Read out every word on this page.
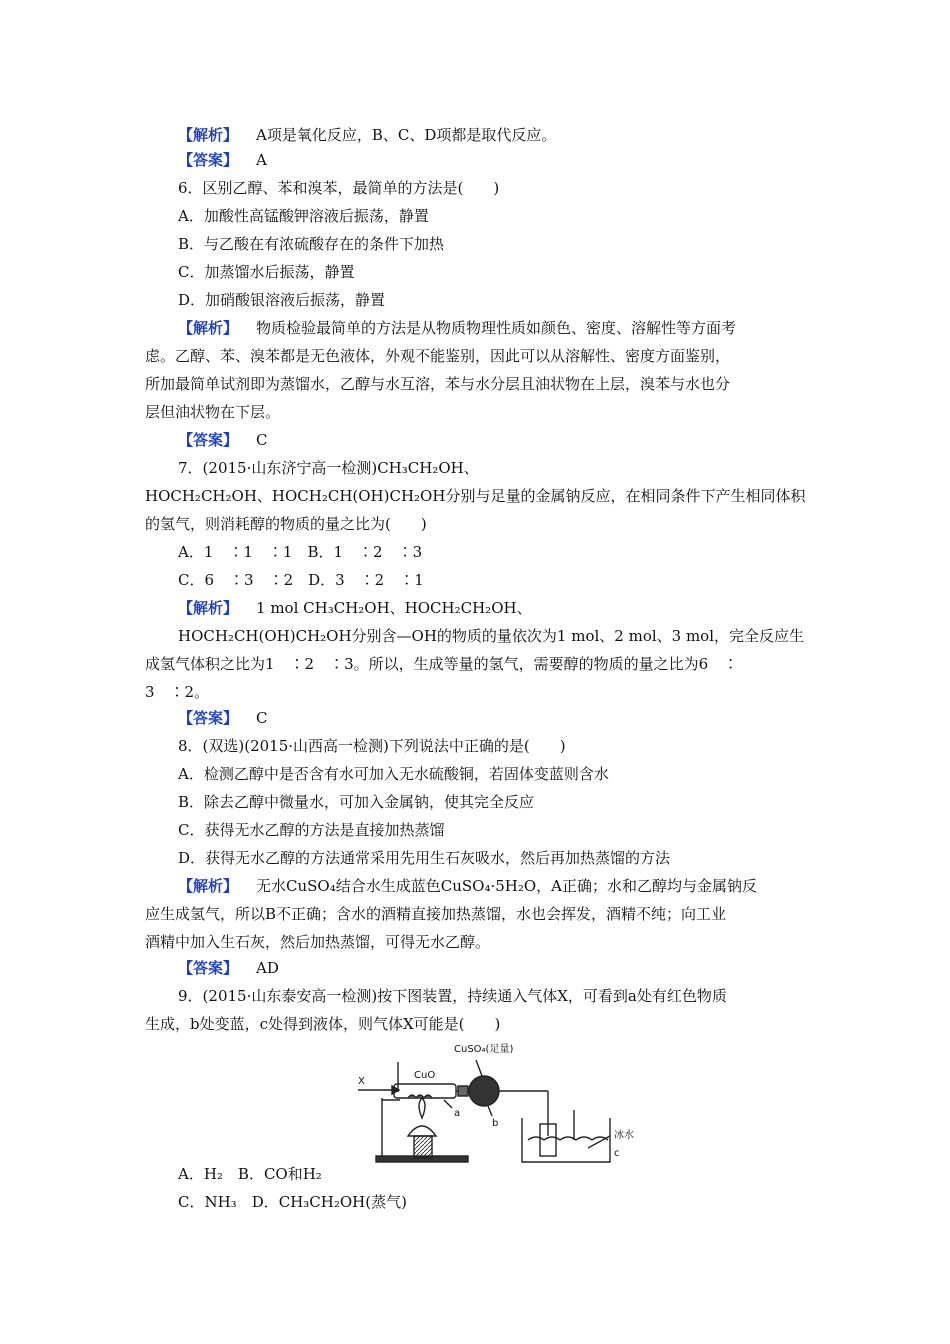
【解析】 A项是氧化反应，B、C、D项都是取代反应。
【答案】 A
6．区别乙醇、苯和溴苯，最简单的方法是(　　)
A．加酸性高锰酸钾溶液后振荡，静置
B．与乙酸在有浓硫酸存在的条件下加热
C．加蒸馏水后振荡，静置
D．加硝酸银溶液后振荡，静置
【解析】 物质检验最简单的方法是从物质物理性质如颜色、密度、溶解性等方面考
虑。乙醇、苯、溴苯都是无色液体，外观不能鉴别，因此可以从溶解性、密度方面鉴别，
所加最简单试剂即为蒸馏水，乙醇与水互溶，苯与水分层且油状物在上层，溴苯与水也分
层但油状物在下层。
【答案】 C
7．(2015·山东济宁高一检测)CH₃CH₂OH、
HOCH₂CH₂OH、HOCH₂CH(OH)CH₂OH分别与足量的金属钠反应，在相同条件下产生相同体积
的氢气，则消耗醇的物质的量之比为(　　)
A．1　∶1　∶1　B．1　∶2　∶3
C．6　∶3　∶2　D．3　∶2　∶1
【解析】 1 mol CH₃CH₂OH、HOCH₂CH₂OH、
HOCH₂CH(OH)CH₂OH分别含—OH的物质的量依次为1 mol、2 mol、3 mol，完全反应生
成氢气体积之比为1　∶2　∶3。所以，生成等量的氢气，需要醇的物质的量之比为6　∶
3　∶2。
【答案】 C
8．(双选)(2015·山西高一检测)下列说法中正确的是(　　)
A．检测乙醇中是否含有水可加入无水硫酸铜，若固体变蓝则含水
B．除去乙醇中微量水，可加入金属钠，使其完全反应
C．获得无水乙醇的方法是直接加热蒸馏
D．获得无水乙醇的方法通常采用先用生石灰吸水，然后再加热蒸馏的方法
【解析】 无水CuSO₄结合水生成蓝色CuSO₄·5H₂O，A正确；水和乙醇均与金属钠反
应生成氢气，所以B不正确；含水的酒精直接加热蒸馏，水也会挥发，酒精不纯；向工业
酒精中加入生石灰，然后加热蒸馏，可得无水乙醇。
【答案】 AD
9．(2015·山东泰安高一检测)按下图装置，持续通入气体X，可看到a处有红色物质
生成，b处变蓝，c处得到液体，则气体X可能是(　　)
X
CuO
CuSO₄(足量)
a
b
冰水
c
A．H₂　B．CO和H₂
C．NH₃　D．CH₃CH₂OH(蒸气)
